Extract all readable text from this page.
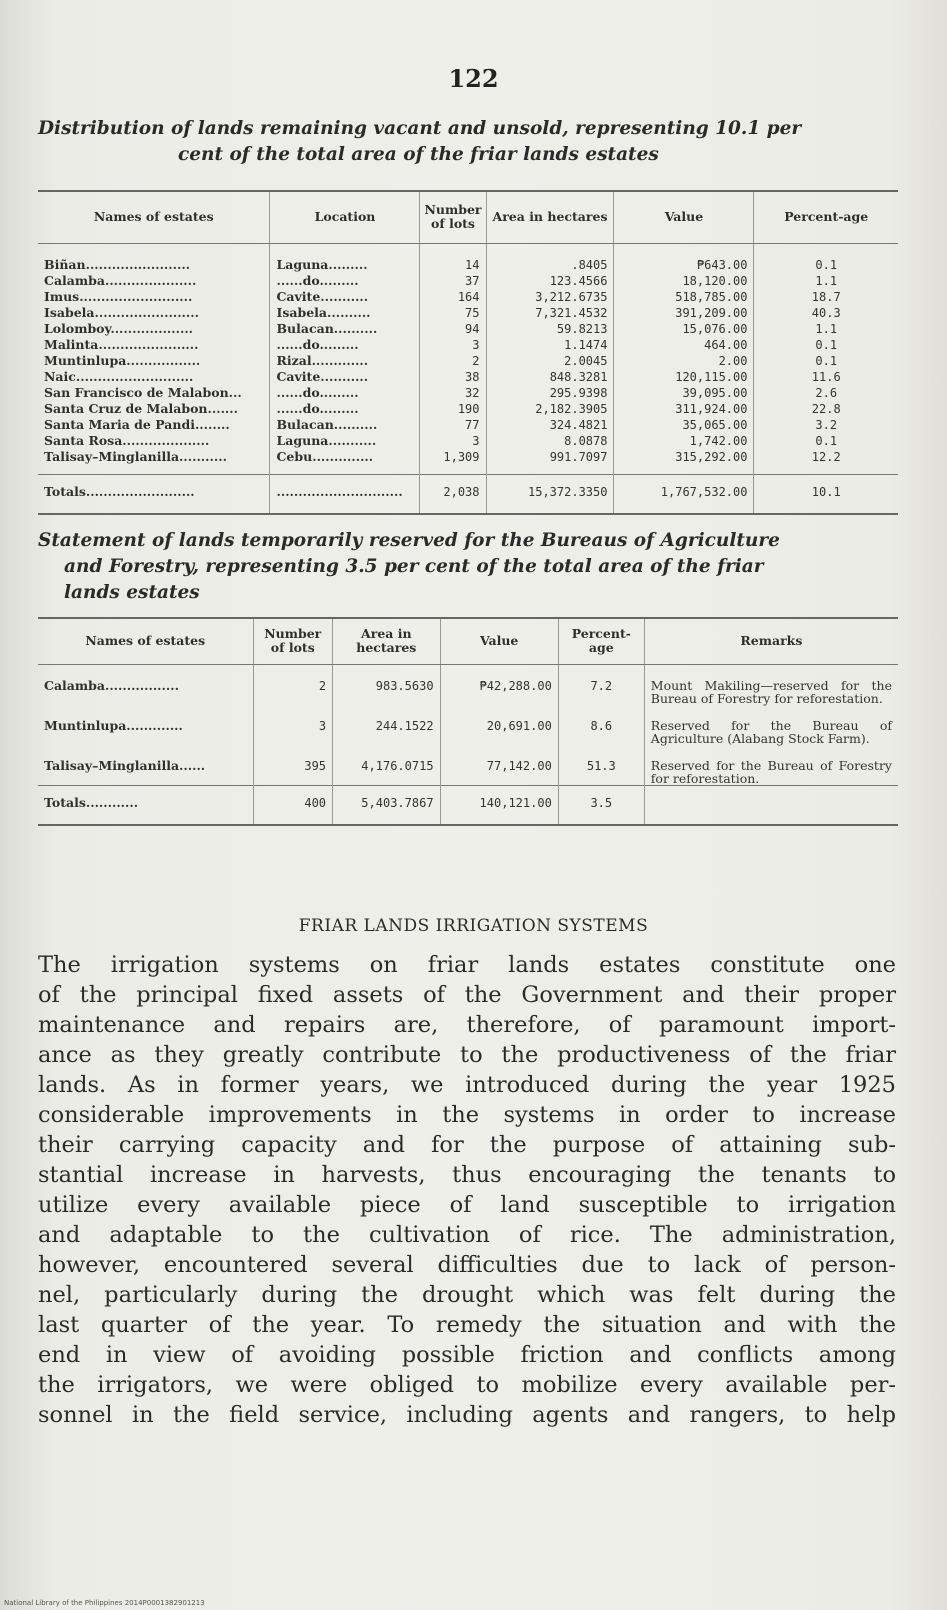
122
Distribution of lands remaining vacant and unsold, representing 10.1 per
cent of the total area of the friar lands estates
Names of estates	Location	Number of lots	Area in hectares	Value	Percent-age
Biñan........................	Laguna.........	14	.8405	₱643.00	0.1
Calamba.....................	......do.........	37	123.4566	18,120.00	1.1
Imus..........................	Cavite...........	164	3,212.6735	518,785.00	18.7
Isabela........................	Isabela..........	75	7,321.4532	391,209.00	40.3
Lolomboy...................	Bulacan..........	94	59.8213	15,076.00	1.1
Malinta.......................	......do.........	3	1.1474	464.00	0.1
Muntinlupa.................	Rizal.............	2	2.0045	2.00	0.1
Naic...........................	Cavite...........	38	848.3281	120,115.00	11.6
San Francisco de Malabon...	......do.........	32	295.9398	39,095.00	2.6
Santa Cruz de Malabon.......	......do.........	190	2,182.3905	311,924.00	22.8
Santa Maria de Pandi........	Bulacan..........	77	324.4821	35,065.00	3.2
Santa Rosa....................	Laguna...........	3	8.0878	1,742.00	0.1
Talisay–Minglanilla...........	Cebu..............	1,309	991.7097	315,292.00	12.2
Totals.........................	.............................	2,038	15,372.3350	1,767,532.00	10.1
Statement of lands temporarily reserved for the Bureaus of Agriculture
and Forestry, representing 3.5 per cent of the total area of the friar
lands estates
Names of estates	Number of lots	Area in hectares	Value	Percent-age	Remarks
Calamba.................	2	983.5630	₱42,288.00	7.2	Mount Makiling—reserved for the Bureau of Forestry for reforestation.
Muntinlupa.............	3	244.1522	20,691.00	8.6	Reserved for the Bureau of Agriculture (Alabang Stock Farm).
Talisay–Minglanilla......	395	4,176.0715	77,142.00	51.3	Reserved for the Bureau of Forestry for reforestation.
Totals............	400	5,403.7867	140,121.00	3.5	
FRIAR LANDS IRRIGATION SYSTEMS
The irrigation systems on friar lands estates constitute one
of the principal fixed assets of the Government and their proper
maintenance and repairs are, therefore, of paramount import-
ance as they greatly contribute to the productiveness of the friar
lands. As in former years, we introduced during the year 1925
considerable improvements in the systems in order to increase
their carrying capacity and for the purpose of attaining sub-
stantial increase in harvests, thus encouraging the tenants to
utilize every available piece of land susceptible to irrigation
and adaptable to the cultivation of rice. The administration,
however, encountered several difficulties due to lack of person-
nel, particularly during the drought which was felt during the
last quarter of the year. To remedy the situation and with the
end in view of avoiding possible friction and conflicts among
the irrigators, we were obliged to mobilize every available per-
sonnel in the field service, including agents and rangers, to help
National Library of the Philippines 2014P0001382901213
